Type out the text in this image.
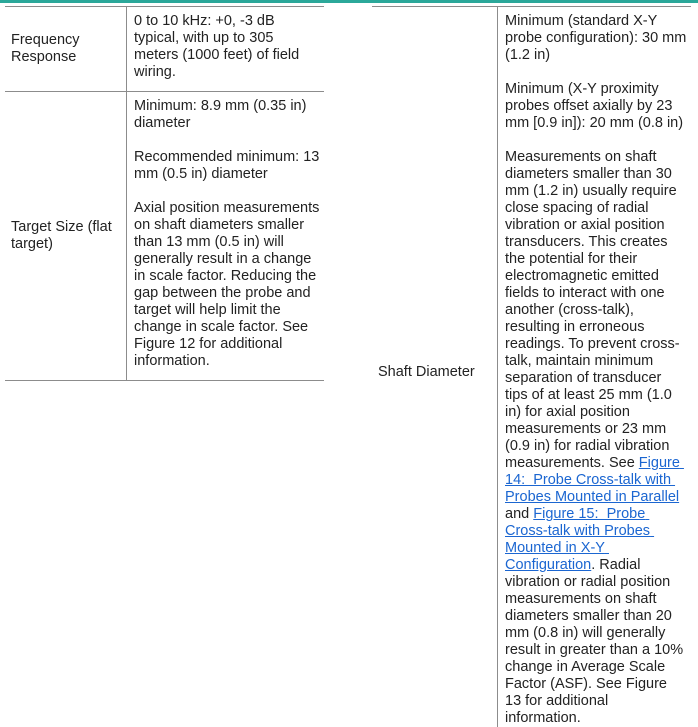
Frequency Response

0 to 10 kHz: +0, -3 dB typical, with up to 305 meters (1000 feet) of field wiring.

Target Size (flat target)

Minimum: 8.9 mm (0.35 in) diameter

Recommended minimum: 13 mm (0.5 in) diameter

Axial position measurements on shaft diameters smaller than 13 mm (0.5 in) will generally result in a change in scale factor. Reducing the gap between the probe and target will help limit the change in scale factor. See Figure 12 for additional information.

Shaft Diameter

Minimum (standard X-Y probe configuration): 30 mm (1.2 in)

Minimum (X-Y proximity probes offset axially by 23 mm [0.9 in]): 20 mm (0.8 in)

Measurements on shaft diameters smaller than 30 mm (1.2 in) usually require close spacing of radial vibration or axial position transducers. This creates the potential for their electromagnetic emitted fields to interact with one another (cross-talk), resulting in erroneous readings. To prevent cross-talk, maintain minimum separation of transducer tips of at least 25 mm (1.0 in) for axial position measurements or 23 mm (0.9 in) for radial vibration measurements. See Figure 14:  Probe Cross-talk with Probes Mounted in Parallel and Figure 15:  Probe Cross-talk with Probes Mounted in X-Y Configuration. Radial vibration or radial position measurements on shaft diameters smaller than 20 mm (0.8 in) will generally result in greater than a 10% change in Average Scale Factor (ASF). See Figure 13 for additional information.
